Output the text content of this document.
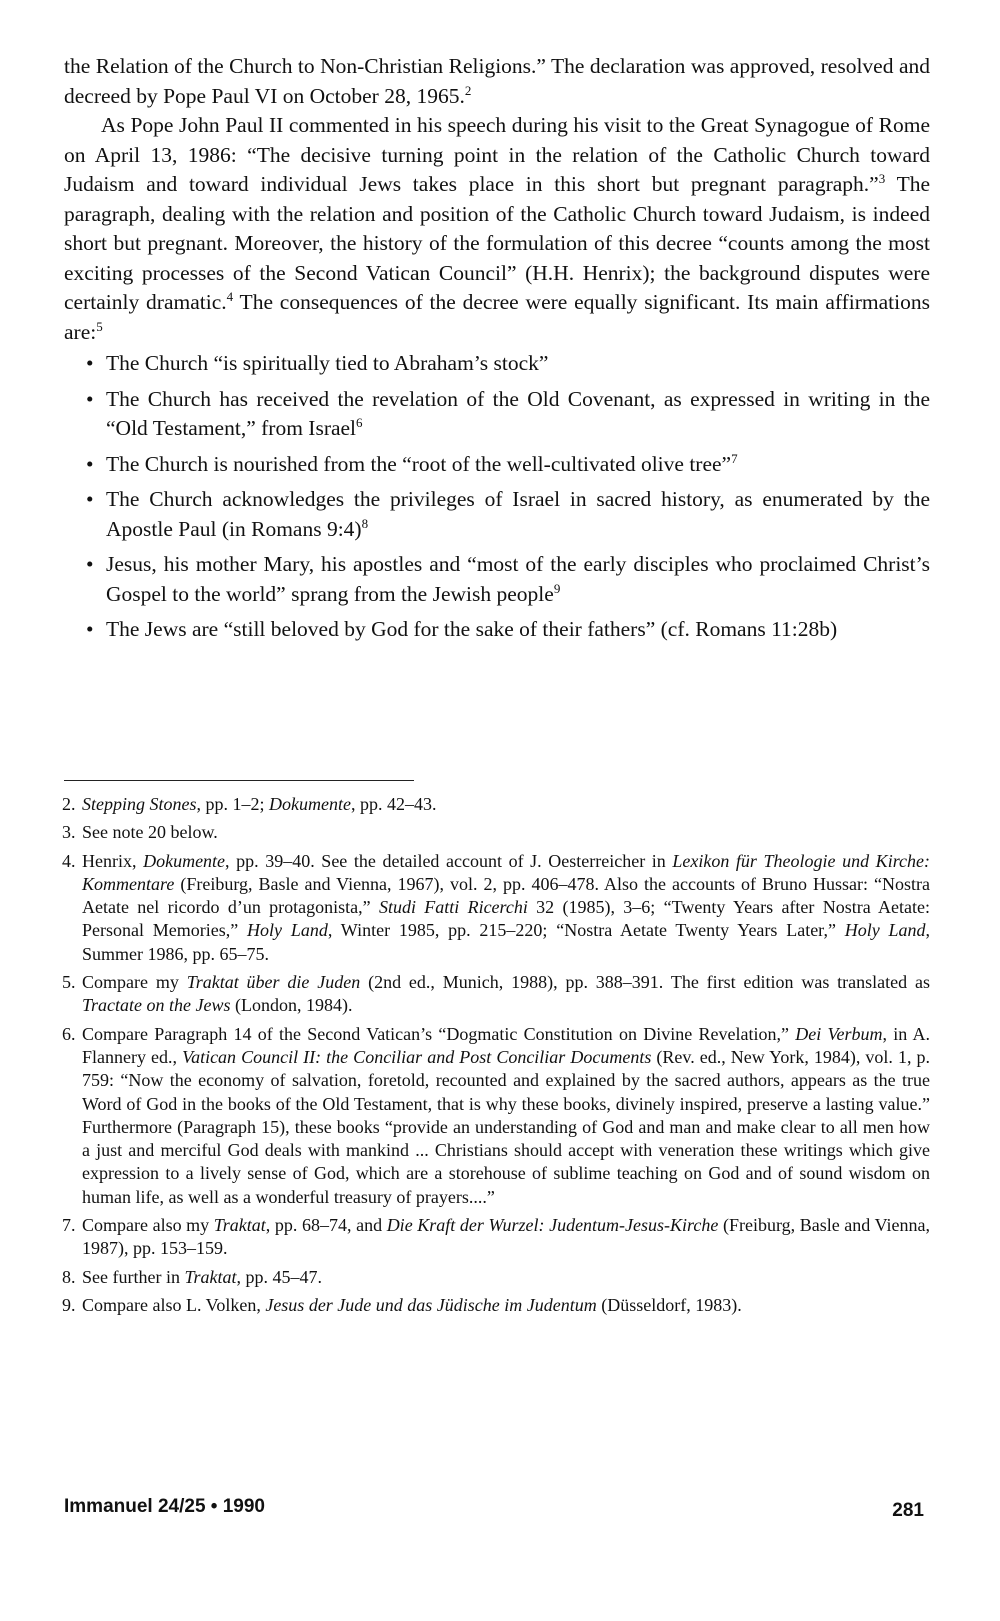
the Relation of the Church to Non-Christian Religions.” The declaration was approved, resolved and decreed by Pope Paul VI on October 28, 1965.$^2$

As Pope John Paul II commented in his speech during his visit to the Great Synagogue of Rome on April 13, 1986: “The decisive turning point in the relation of the Catholic Church toward Judaism and toward individual Jews takes place in this short but pregnant paragraph.”$^3$ The paragraph, dealing with the relation and position of the Catholic Church toward Judaism, is indeed short but pregnant. Moreover, the history of the formulation of this decree “counts among the most exciting processes of the Second Vatican Council” (H.H. Henrix); the background disputes were certainly dramatic.$^4$ The consequences of the decree were equally significant. Its main affirmations are:$^5$

• The Church “is spiritually tied to Abraham’s stock”
• The Church has received the revelation of the Old Covenant, as expressed in writing in the “Old Testament,” from Israel$^6$
• The Church is nourished from the “root of the well-cultivated olive tree”$^7$
• The Church acknowledges the privileges of Israel in sacred history, as enumerated by the Apostle Paul (in Romans 9:4)$^8$
• Jesus, his mother Mary, his apostles and “most of the early disciples who proclaimed Christ’s Gospel to the world” sprang from the Jewish people$^9$
• The Jews are “still beloved by God for the sake of their fathers” (cf. Romans 11:28b)
2. Stepping Stones, pp. 1–2; Dokumente, pp. 42–43.
3. See note 20 below.
4. Henrix, Dokumente, pp. 39–40. See the detailed account of J. Oesterreicher in Lexikon für Theologie und Kirche: Kommentare (Freiburg, Basle and Vienna, 1967), vol. 2, pp. 406–478. Also the accounts of Bruno Hussar: “Nostra Aetate nel ricordo d’un protagonista,” Studi Fatti Ricerchi 32 (1985), 3–6; “Twenty Years after Nostra Aetate: Personal Memories,” Holy Land, Winter 1985, pp. 215–220; “Nostra Aetate Twenty Years Later,” Holy Land, Summer 1986, pp. 65–75.
5. Compare my Traktat über die Juden (2nd ed., Munich, 1988), pp. 388–391. The first edition was translated as Tractate on the Jews (London, 1984).
6. Compare Paragraph 14 of the Second Vatican’s “Dogmatic Constitution on Divine Revelation,” Dei Verbum, in A. Flannery ed., Vatican Council II: the Conciliar and Post Conciliar Documents (Rev. ed., New York, 1984), vol. 1, p. 759: “Now the economy of salvation, foretold, recounted and explained by the sacred authors, appears as the true Word of God in the books of the Old Testament, that is why these books, divinely inspired, preserve a lasting value.” Furthermore (Paragraph 15), these books “provide an understanding of God and man and make clear to all men how a just and merciful God deals with mankind ... Christians should accept with veneration these writings which give expression to a lively sense of God, which are a storehouse of sublime teaching on God and of sound wisdom on human life, as well as a wonderful treasury of prayers....”
7. Compare also my Traktat, pp. 68–74, and Die Kraft der Wurzel: Judentum-Jesus-Kirche (Freiburg, Basle and Vienna, 1987), pp. 153–159.
8. See further in Traktat, pp. 45–47.
9. Compare also L. Volken, Jesus der Jude und das Jüdische im Judentum (Düsseldorf, 1983).
Immanuel 24/25 • 1990	281
